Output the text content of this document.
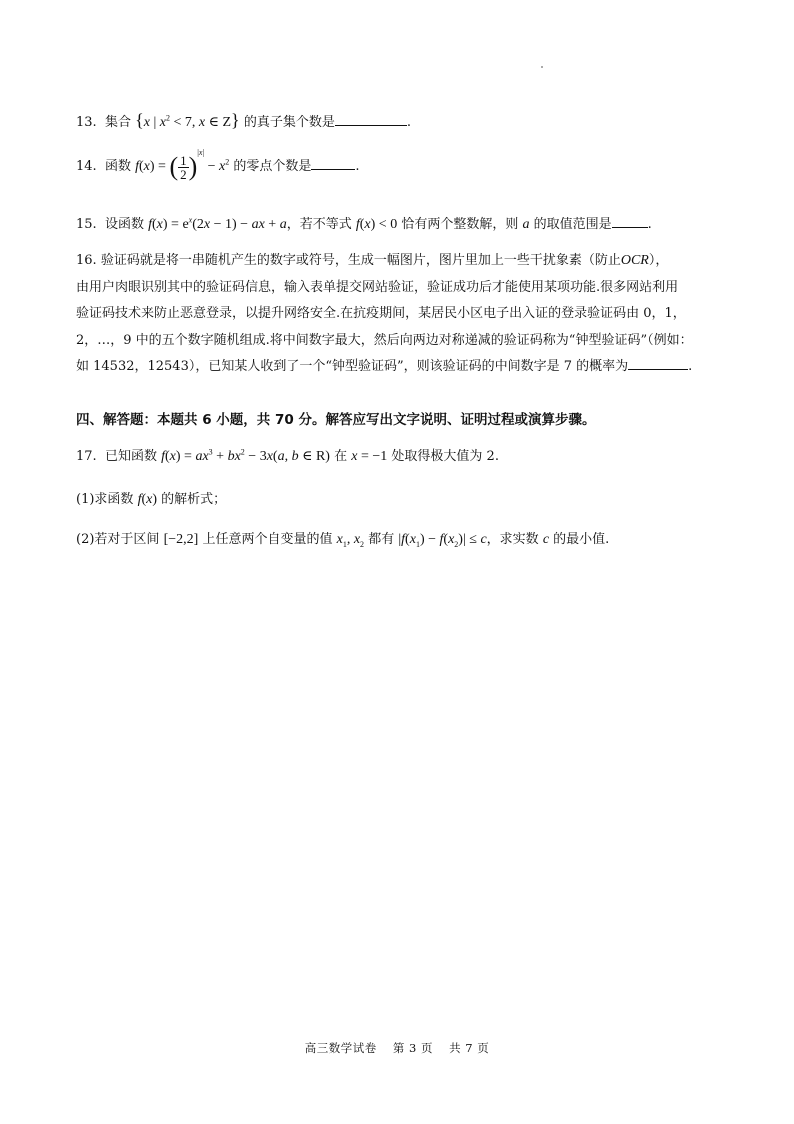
13. 集合 {x | $x^2 < 7$, x ∈ Z} 的真子集个数是	.
14. 函数 f(x) = ( $\frac{1}{2} )^{|x|} - x^2$ 的零点个数是	.
15. 设函数 $f(x) = e^x(2x - 1)$ − ax + a，若不等式 f(x) < 0 恰有两个整数解，则 a 的取值范围是	.
16. 验证码就是将一串随机产生的数字或符号，生成一幅图片，图片里加上一些干扰象素（防止OCR），
由用户肉眼识别其中的验证码信息，输入表单提交网站验证，验证成功后才能使用某项功能.很多网站利用
验证码技术来防止恶意登录，以提升网络安全.在抗疫期间，某居民小区电子出入证的登录验证码由 0，1，
2，…，9 中的五个数字随机组成.将中间数字最大，然后向两边对称递减的验证码称为“钟型验证码”（例如：
如 14532，12543），已知某人收到了一个“钟型验证码”，则该验证码的中间数字是 7 的概率为	.
四、解答题：本题共 6 小题，共 70 分。解答应写出文字说明、证明过程或演算步骤。
17. 已知函数 $f(x) = ax^3 + bx^2 - 3x(a$, b ∈ R) 在 x = −1 处取得极大值为 2.
(1)求函数 f(x) 的解析式；
(2)若对于区间 [−2,2] 上任意两个自变量的值 $x_1$, $x_2$ 都有 $|f(x_1) - f(x_2)| \le c$，求实数 c 的最小值.
高三数学试卷　 第 3 页　 共 7 页
